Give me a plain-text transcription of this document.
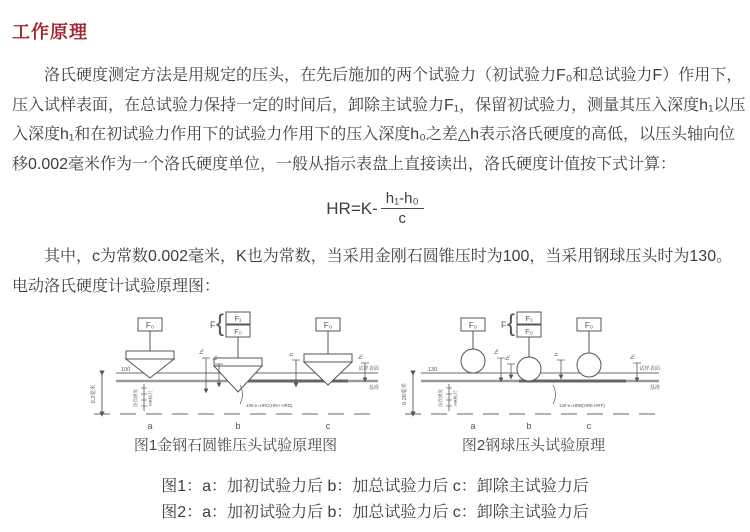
工作原理
　　洛氏硬度测定方法是用规定的压头，在先后施加的两个试验力（初试验力F₀和总试验力F）作用下，
压入试样表面，在总试验力保持一定的时间后，卸除主试验力F₁，保留初试验力，测量其压入深度h₁以压
入深度h₁和在初试验力作用下的试验力作用下的压入深度h₀之差△h表示洛氏硬度的高低，以压头轴向位
移0.002毫米作为一个洛氏硬度单位，一般从指示表盘上直接读出，洛氏硬度计值按下式计算：
$HR=K- \frac{\text{h₁-h₀}}{c}$
　　其中，c为常数0.002毫米，K也为常数，当采用金刚石圆锥压时为100，当采用钢球压头时为130。
电动洛氏硬度计试验原理图：
F₀	F { F₁
F₀
F₀
0.2毫米
100
洛氏硬度 HR标尺
h₀
h₁
h	h₁
试样表面
基准
100-e=HRC(HRA·HRD)
a	b	c
F₀	F { F₁
F₀
F₀
0.26毫米
130
洛氏硬度 HR标尺
h₀
h₁
h	h₁
试样表面
基准
130-e=HRB(HRE·HRF)
a	b	c
图1金钢石圆锥压头试验原理图	图2钢球压头试验原理
图1：a：加初试验力后 b：加总试验力后 c：卸除主试验力后
图2：a：加初试验力后 b：加总试验力后 c：卸除主试验力后
